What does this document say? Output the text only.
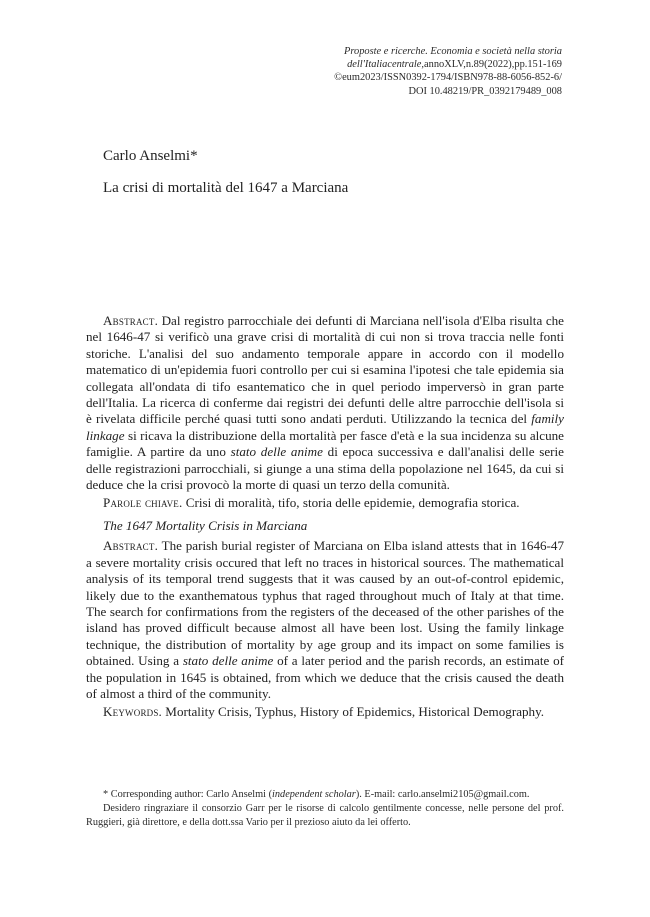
Proposte e ricerche. Economia e società nella storia
dell'Italiacentrale,annoXLV,n.89(2022),pp.151-169
©eum2023/ISSN0392-1794/ISBN978-88-6056-852-6/
DOI 10.48219/PR_0392179489_008
Carlo Anselmi*
La crisi di mortalità del 1647 a Marciana

Abstract. Dal registro parrocchiale dei defunti di Marciana nell'isola d'Elba risulta che nel 1646-47 si verificò una grave crisi di mortalità di cui non si trova traccia nelle fonti storiche. L'analisi del suo andamento temporale appare in accordo con il modello matematico di un'epidemia fuori controllo per cui si esamina l'ipotesi che tale epidemia sia collegata all'ondata di tifo esantematico che in quel periodo imperversò in gran parte dell'Italia. La ricerca di conferme dai registri dei defunti delle altre parrocchie dell'isola si è rivelata difficile perché quasi tutti sono andati perduti. Utilizzando la tecnica del family linkage si ricava la distribuzione della mortalità per fasce d'età e la sua incidenza su alcune famiglie. A partire da uno stato delle anime di epoca successiva e dall'analisi delle serie delle registrazioni parrocchiali, si giunge a una stima della popolazione nel 1645, da cui si deduce che la crisi provocò la morte di quasi un terzo della comunità.

Parole chiave. Crisi di moralità, tifo, storia delle epidemie, demografia storica.

The 1647 Mortality Crisis in Marciana

Abstract. The parish burial register of Marciana on Elba island attests that in 1646-47 a severe mortality crisis occured that left no traces in historical sources. The mathematical analysis of its temporal trend suggests that it was caused by an out-of-control epidemic, likely due to the exanthematous typhus that raged throughout much of Italy at that time. The search for confirmations from the registers of the deceased of the other parishes of the island has proved difficult because almost all have been lost. Using the family linkage technique, the distribution of mortality by age group and its impact on some families is obtained. Using a stato delle anime of a later period and the parish records, an estimate of the population in 1645 is obtained, from which we deduce that the crisis caused the death of almost a third of the community.

Keywords. Mortality Crisis, Typhus, History of Epidemics, Historical Demography.

* Corresponding author: Carlo Anselmi (independent scholar). E-mail: carlo.anselmi2105@gmail.com.

Desidero ringraziare il consorzio Garr per le risorse di calcolo gentilmente concesse, nelle persone del prof. Ruggieri, già direttore, e della dott.ssa Vario per il prezioso aiuto da lei offerto.
